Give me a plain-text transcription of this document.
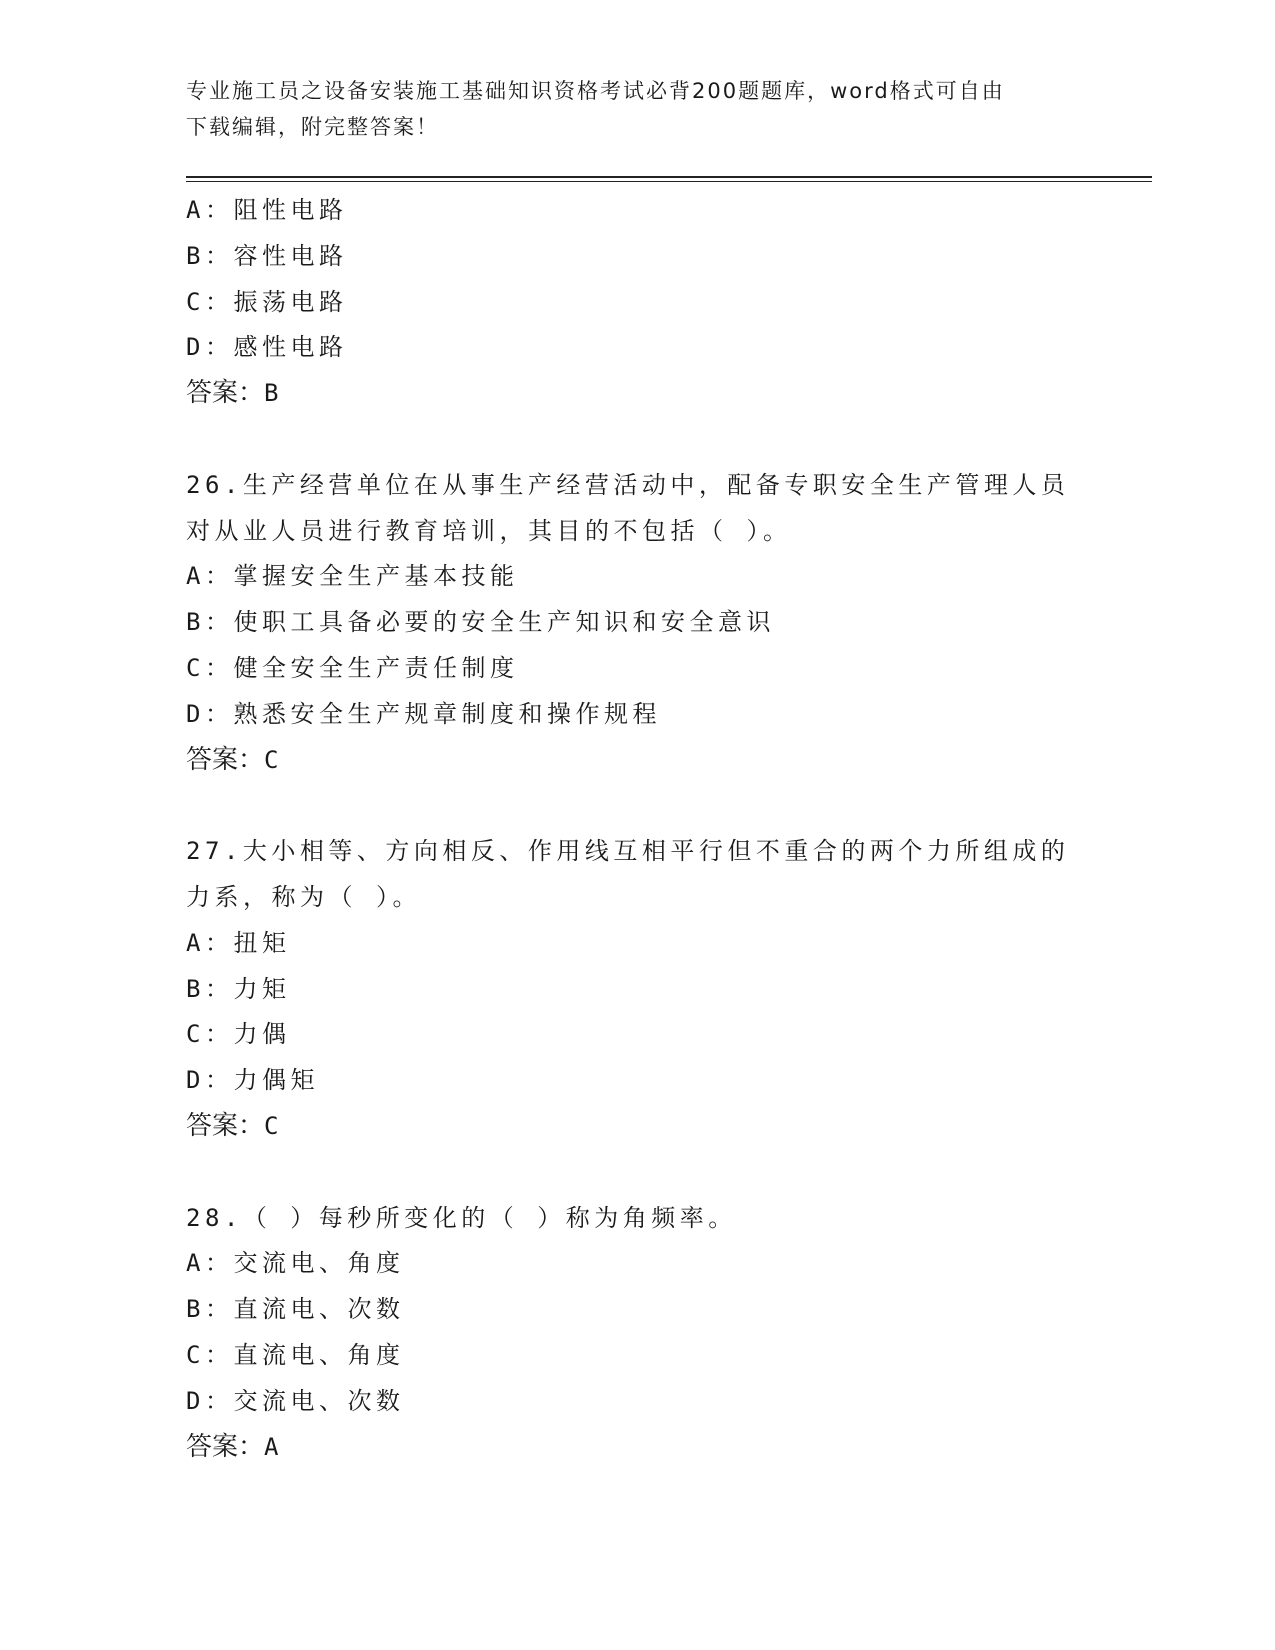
专业施工员之设备安装施工基础知识资格考试必背200题题库，word格式可自由
下载编辑，附完整答案！
A：阻性电路
B：容性电路
C：振荡电路
D：感性电路
答案：B
26.生产经营单位在从事生产经营活动中，配备专职安全生产管理人员
对从业人员进行教育培训，其目的不包括（ ）。
A：掌握安全生产基本技能
B：使职工具备必要的安全生产知识和安全意识
C：健全安全生产责任制度
D：熟悉安全生产规章制度和操作规程
答案：C
27.大小相等、方向相反、作用线互相平行但不重合的两个力所组成的
力系，称为（ ）。
A：扭矩
B：力矩
C：力偶
D：力偶矩
答案：C
28.（ ）每秒所变化的（ ）称为角频率。
A：交流电、角度
B：直流电、次数
C：直流电、角度
D：交流电、次数
答案：A
